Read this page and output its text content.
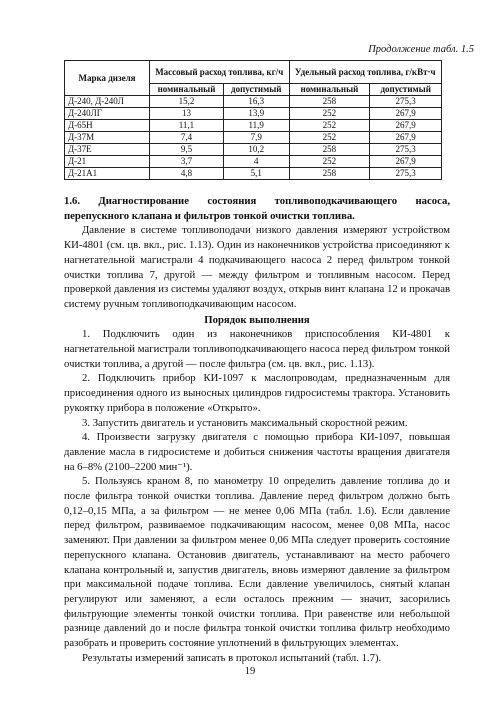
Продолжение табл. 1.5
Марка дизеля	Массовый расход топлива, кг/ч		Удельный расход топлива, г/кВт·ч	
	номинальный	допустимый	номинальный	допустимый
Д-240, Д-240Л	15,2	16,3	258	275,3
Д-240ЛГ	13	13,9	252	267,9
Д-65Н	11,1	11,9	252	267,9
Д-37М	7,4	7,9	252	267,9
Д-37Е	9,5	10,2	258	275,3
Д-21	3,7	4	252	267,9
Д-21А1	4,8	5,1	258	275,3

1.6. Диагностирование состояния топливоподкачивающего насоса, перепускного клапана и фильтров тонкой очистки топлива.

Давление в системе топливоподачи низкого давления измеряют устройством КИ-4801 (см. цв. вкл., рис. 1.13). Один из наконечников устройства присоединяют к нагнетательной магистрали 4 подкачивающего насоса 2 перед фильтром тонкой очистки топлива 7, другой — между фильтром и топливным насосом. Перед проверкой давления из системы удаляют воздух, открыв винт клапана 12 и прокачав систему ручным топливоподкачивающим насосом.

Порядок выполнения

1. Подключить один из наконечников приспособления КИ-4801 к нагнетательной магистрали топливоподкачивающего насоса перед фильтром тонкой очистки топлива, а другой — после фильтра (см. цв. вкл., рис. 1.13).

2. Подключить прибор КИ-1097 к маслопроводам, предназначенным для присоединения одного из выносных цилиндров гидросистемы трактора. Установить рукоятку прибора в положение «Открыто».

3. Запустить двигатель и установить максимальный скоростной режим.

4. Произвести загрузку двигателя с помощью прибора КИ-1097, повышая давление масла в гидросистеме и добиться снижения частоты вращения двигателя на 6–8% (2100–2200 мин⁻¹).

5. Пользуясь краном 8, по манометру 10 определить давление топлива до и после фильтра тонкой очистки топлива. Давление перед фильтром должно быть 0,12–0,15 МПа, а за фильтром — не менее 0,06 МПа (табл. 1.6). Если давление перед фильтром, развиваемое подкачивающим насосом, менее 0,08 МПа, насос заменяют. При давлении за фильтром менее 0,06 МПа следует проверить состояние перепускного клапана. Остановив двигатель, устанавливают на место рабочего клапана контрольный и, запустив двигатель, вновь измеряют давление за фильтром при максимальной подаче топлива. Если давление увеличилось, снятый клапан регулируют или заменяют, а если осталось прежним — значит, засорились фильтрующие элементы тонкой очистки топлива. При равенстве или небольшой разнице давлений до и после фильтра тонкой очистки топлива фильтр необходимо разобрать и проверить состояние уплотнений в фильтрующих элементах.

Результаты измерений записать в протокол испытаний (табл. 1.7).

19
